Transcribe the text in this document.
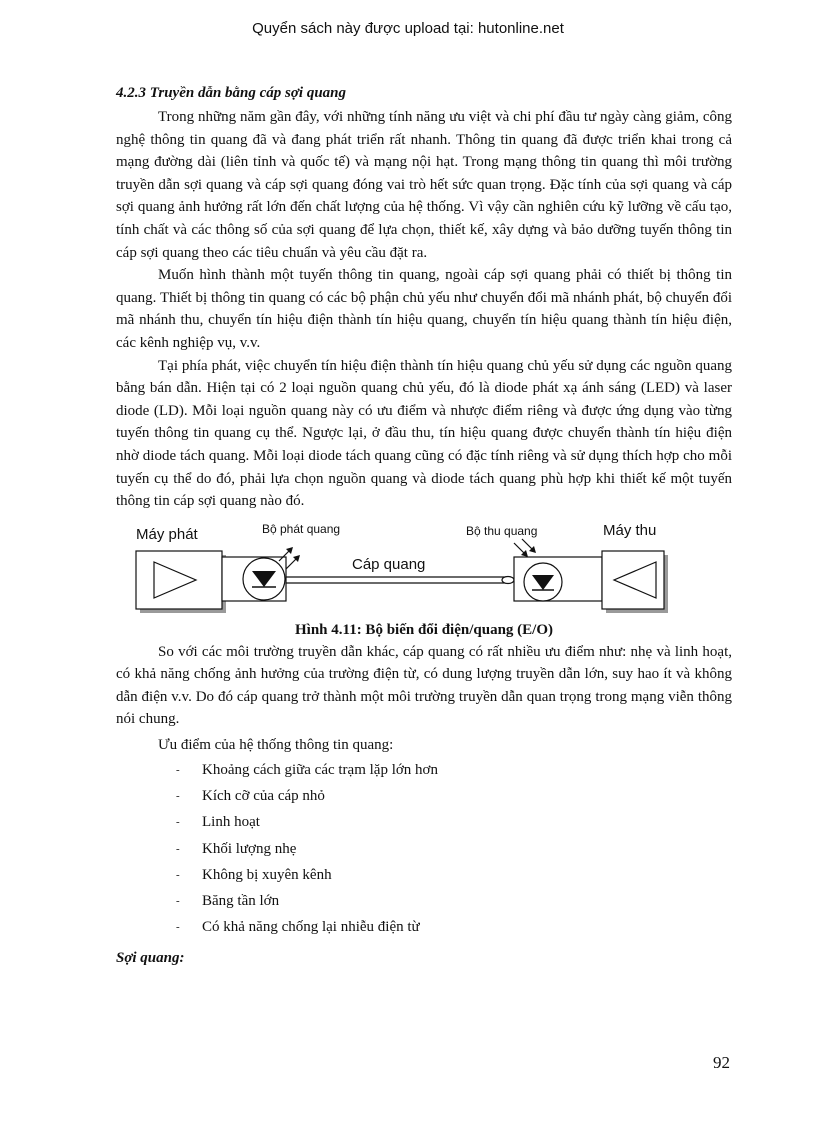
Quyển sách này được upload tại: hutonline.net
4.2.3 Truyền dẫn bằng cáp sợi quang

Trong những năm gần đây, với những tính năng ưu việt và chi phí đầu tư ngày càng giảm, công nghệ thông tin quang đã và đang phát triển rất nhanh. Thông tin quang đã được triển khai trong cả mạng đường dài (liên tỉnh và quốc tế) và mạng nội hạt. Trong mạng thông tin quang thì môi trường truyền dẫn sợi quang và cáp sợi quang đóng vai trò hết sức quan trọng. Đặc tính của sợi quang và cáp sợi quang ảnh hưởng rất lớn đến chất lượng của hệ thống. Vì vậy cần nghiên cứu kỹ lưỡng về cấu tạo, tính chất và các thông số của sợi quang để lựa chọn, thiết kế, xây dựng và bảo dưỡng tuyến thông tin cáp sợi quang theo các tiêu chuẩn và yêu cầu đặt ra.

Muốn hình thành một tuyến thông tin quang, ngoài cáp sợi quang phải có thiết bị thông tin quang. Thiết bị thông tin quang có các bộ phận chủ yếu như chuyển đổi mã nhánh phát, bộ chuyển đổi mã nhánh thu, chuyển tín hiệu điện thành tín hiệu quang, chuyển tín hiệu quang thành tín hiệu điện, các kênh nghiệp vụ, v.v.

Tại phía phát, việc chuyển tín hiệu điện thành tín hiệu quang chủ yếu sử dụng các nguồn quang bằng bán dẫn. Hiện tại có 2 loại nguồn quang chủ yếu, đó là diode phát xạ ánh sáng (LED) và laser diode (LD). Mỗi loại nguồn quang này có ưu điểm và nhược điểm riêng và được ứng dụng vào từng tuyến thông tin quang cụ thể. Ngược lại, ở đầu thu, tín hiệu quang được chuyển thành tín hiệu điện nhờ diode tách quang. Mỗi loại diode tách quang cũng có đặc tính riêng và sử dụng thích hợp cho mỗi tuyến cụ thể do đó, phải lựa chọn nguồn quang và diode tách quang phù hợp khi thiết kế một tuyến thông tin cáp sợi quang nào đó.

Máy phát	Bộ phát quang
Cáp quang
Bộ thu quang	Máy thu
Hình 4.11: Bộ biến đổi điện/quang (E/O)

So với các môi trường truyền dẫn khác, cáp quang có rất nhiều ưu điểm như: nhẹ và linh hoạt, có khả năng chống ảnh hưởng của trường điện từ, có dung lượng truyền dẫn lớn, suy hao ít và không dẫn điện v.v. Do đó cáp quang trở thành một môi trường truyền dẫn quan trọng trong mạng viễn thông nói chung.

Ưu điểm của hệ thống thông tin quang:
- Khoảng cách giữa các trạm lặp lớn hơn
- Kích cỡ của cáp nhỏ
- Linh hoạt
- Khối lượng nhẹ
- Không bị xuyên kênh
- Băng tần lớn
- Có khả năng chống lại nhiễu điện từ
Sợi quang:
92
